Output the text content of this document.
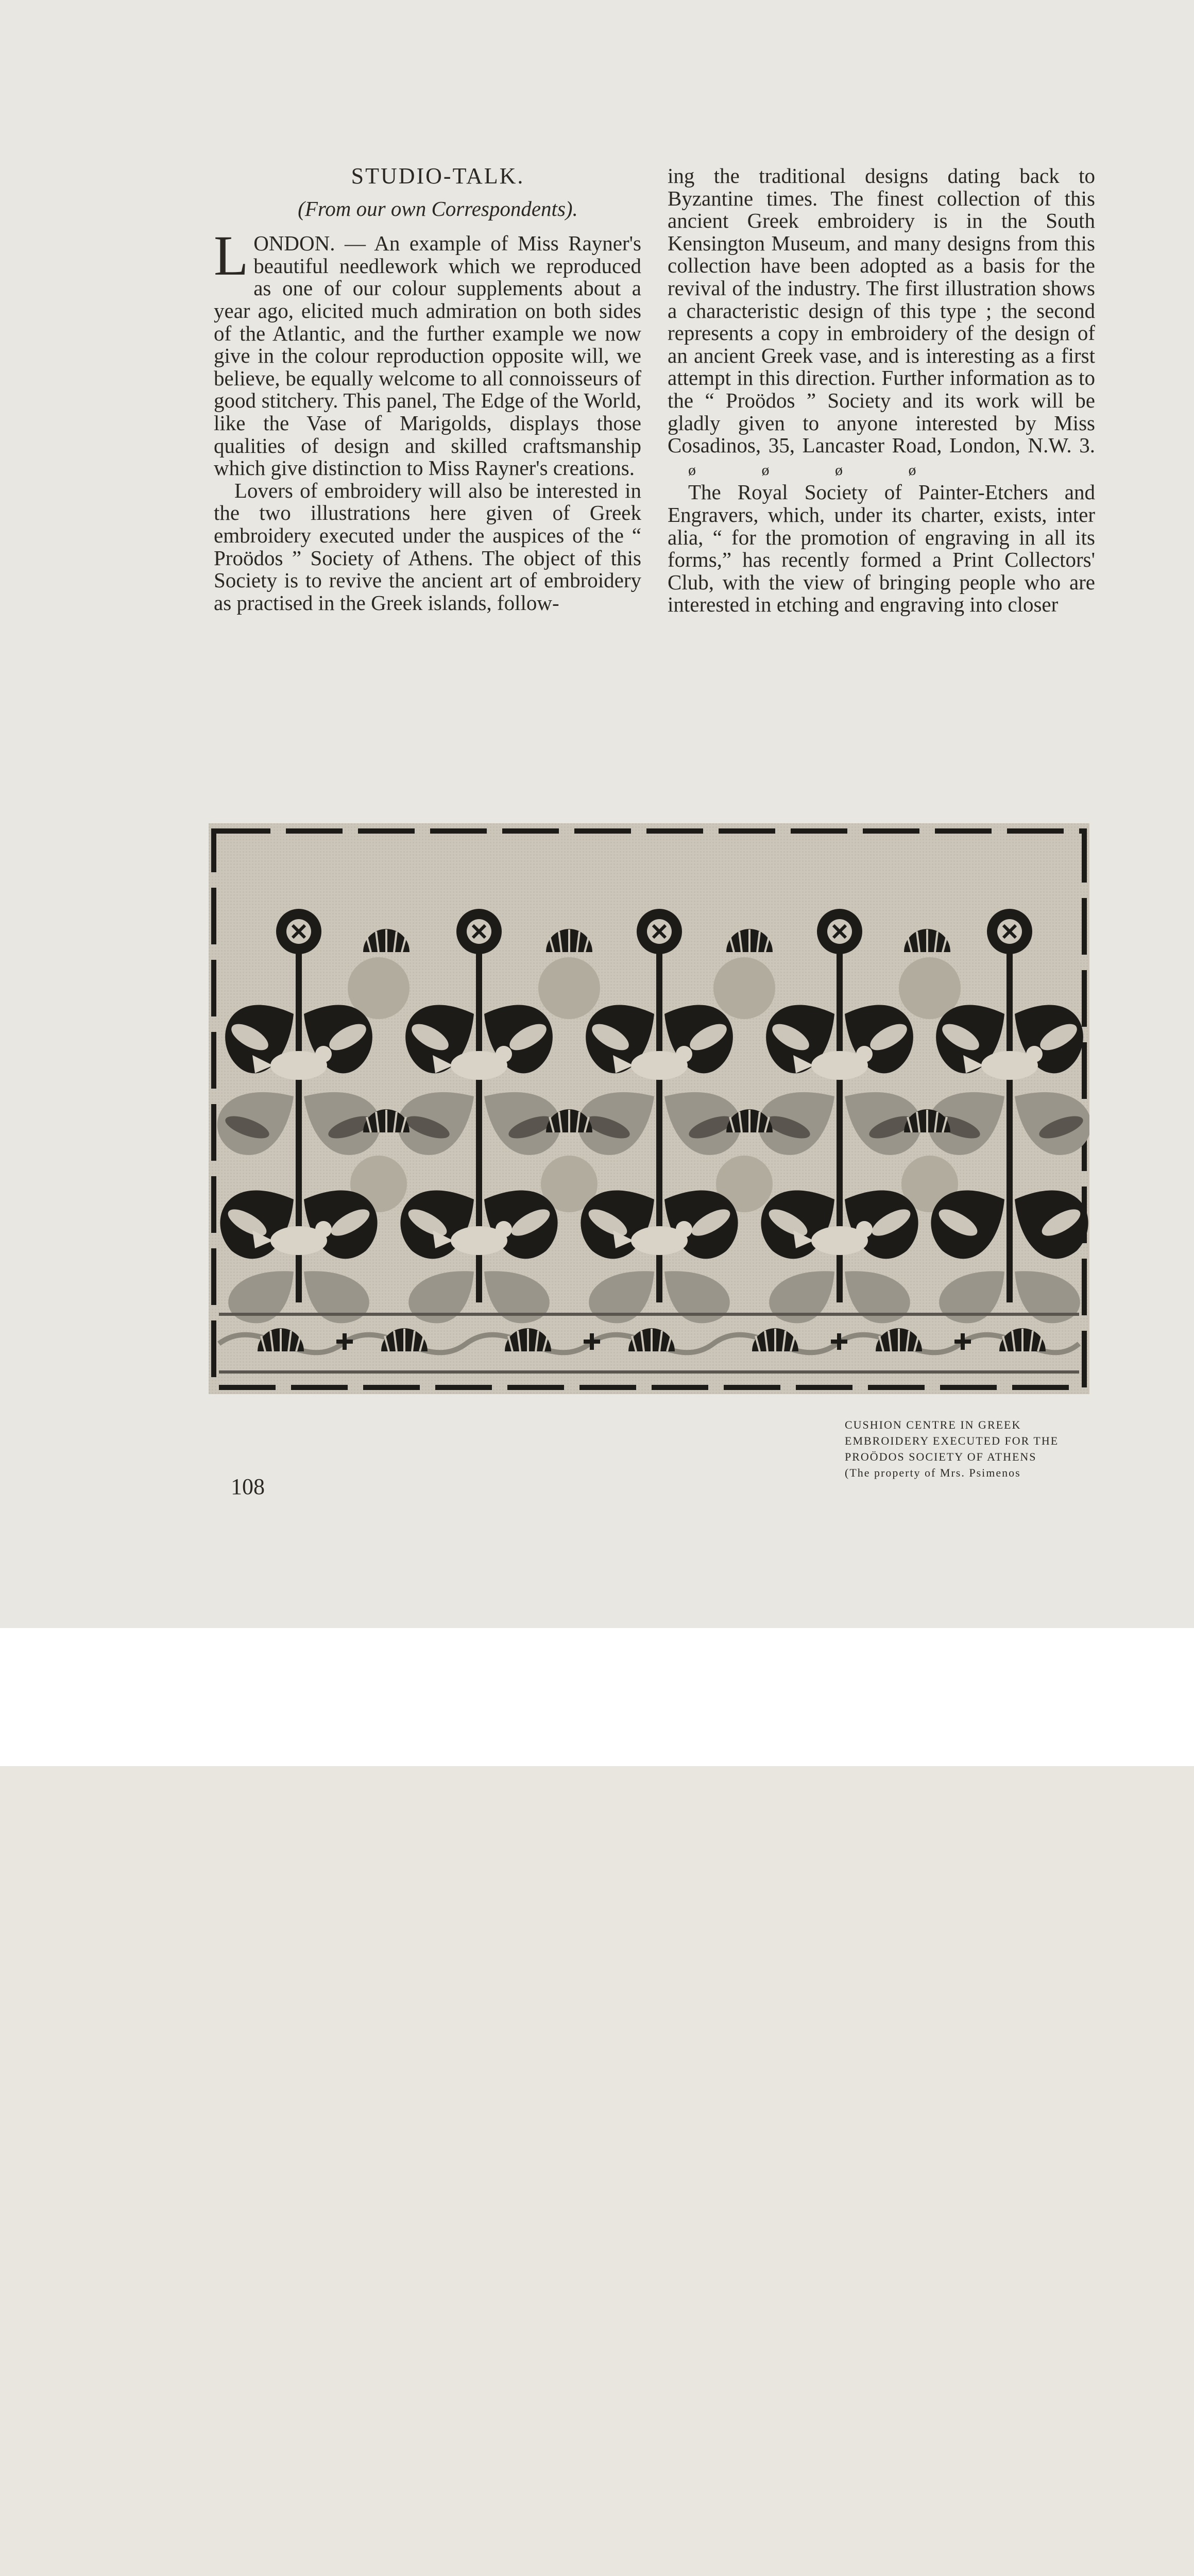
STUDIO-TALK.

(From our own Correspondents).

LONDON. — An example of Miss Rayner's beautiful needlework which we reproduced as one of our colour supplements about a year ago, elicited much admiration on both sides of the Atlantic, and the further example we now give in the colour reproduction opposite will, we believe, be equally welcome to all connoisseurs of good stitchery. This panel, The Edge of the World, like the Vase of Marigolds, displays those qualities of design and skilled craftsmanship which give distinction to Miss Rayner's creations.

Lovers of embroidery will also be interested in the two illustrations here given of Greek embroidery executed under the auspices of the “ Proödos ” Society of Athens. The object of this Society is to revive the ancient art of embroidery as practised in the Greek islands, follow-

ing the traditional designs dating back to Byzantine times. The finest collection of this ancient Greek embroidery is in the South Kensington Museum, and many designs from this collection have been adopted as a basis for the revival of the industry. The first illustration shows a characteristic design of this type ; the second represents a copy in embroidery of the design of an ancient Greek vase, and is interesting as a first attempt in this direction. Further information as to the “ Proödos ” Society and its work will be gladly given to anyone interested by Miss Cosadinos, 35, Lancaster Road, London, N.W. 3. ø ø ø ø

The Royal Society of Painter-Etchers and Engravers, which, under its charter, exists, inter alia, “ for the promotion of engraving in all its forms,” has recently formed a Print Collectors' Club, with the view of bringing people who are interested in etching and engraving into closer

CUSHION CENTRE IN GREEK
EMBROIDERY EXECUTED FOR THE
PROÖDOS SOCIETY OF ATHENS
(The property of Mrs. Psimenos
108
